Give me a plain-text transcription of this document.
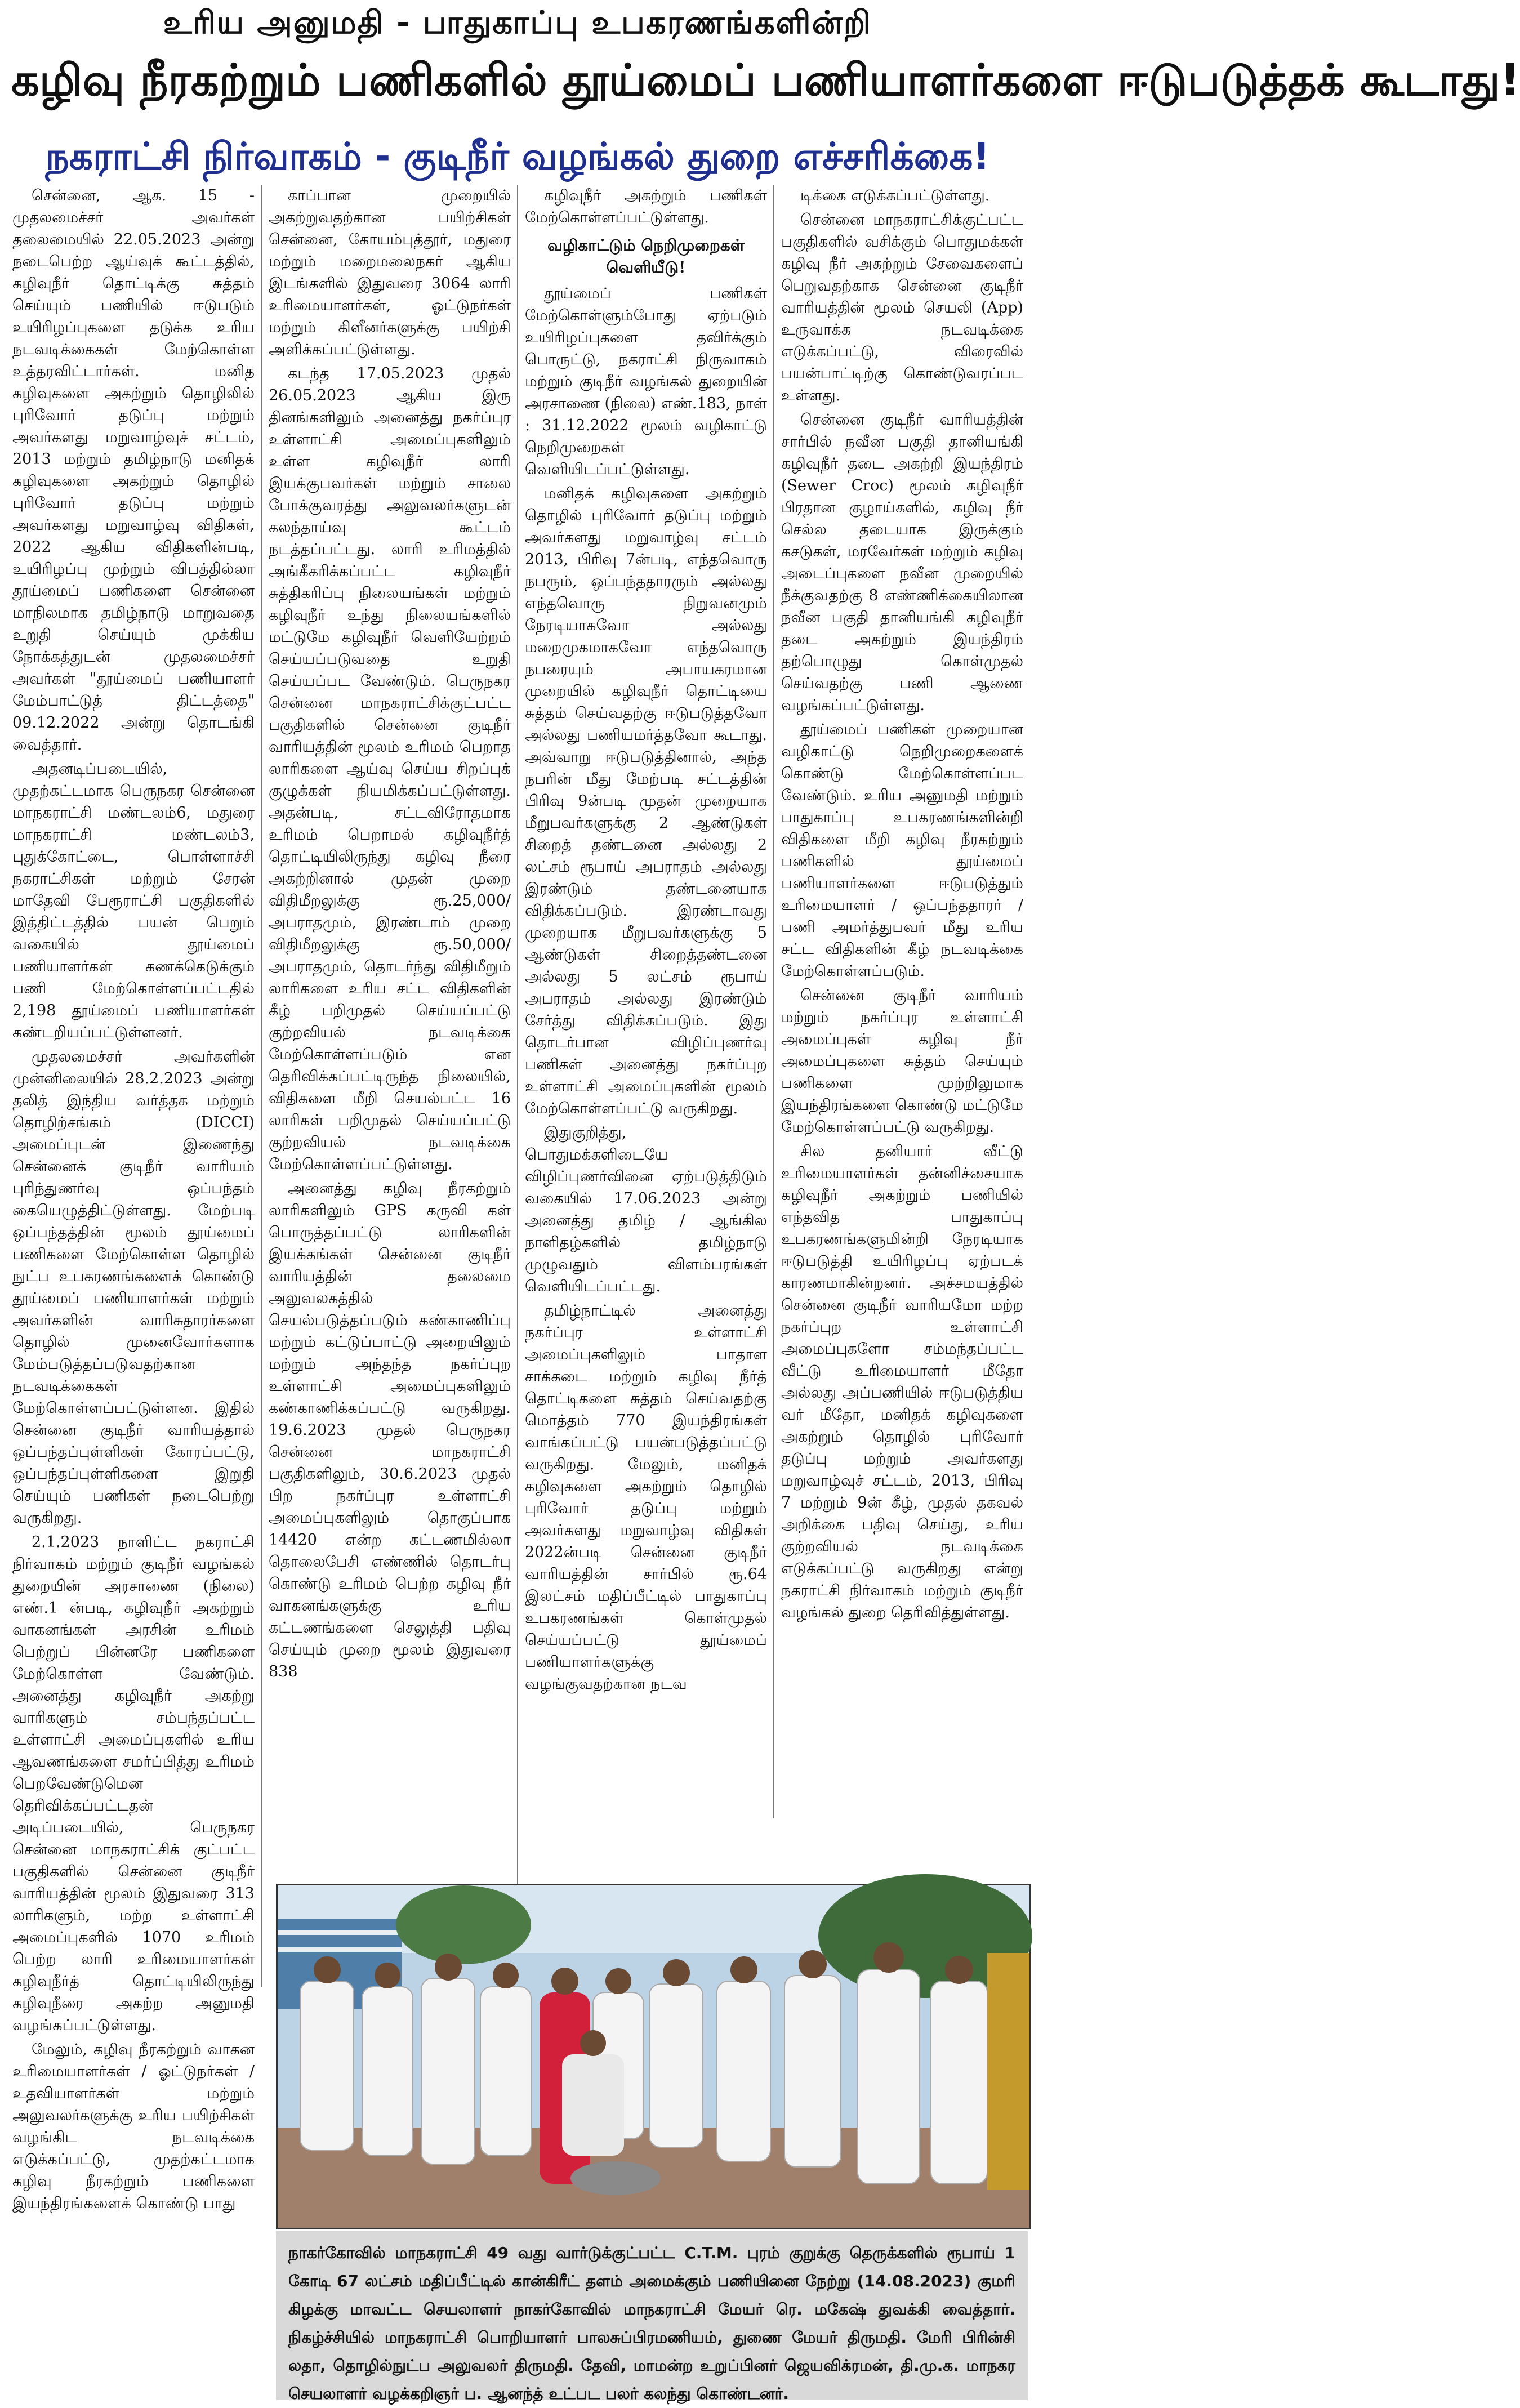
உரிய அனுமதி - பாதுகாப்பு உபகரணங்களின்றி
கழிவு நீரகற்றும் பணிகளில் தூய்மைப் பணியாளர்களை ஈடுபடுத்தக் கூடாது!
நகராட்சி நிர்வாகம் - குடிநீர் வழங்கல் துறை எச்சரிக்கை!

சென்னை, ஆக. 15 - முதலமைச்சர் அவர்கள் தலைமையில் 22.05.2023 அன்று நடைபெற்ற ஆய்வுக் கூட்டத்தில், கழிவுநீர் தொட்டிக்கு சுத்தம் செய்யும் பணியில் ஈடுபடும் உயிரிழப்புகளை தடுக்க உரிய நடவடிக்கைகள் மேற்கொள்ள உத்தரவிட்டார்கள். மனித கழிவுகளை அகற்றும் தொழிலில் புரிவோர் தடுப்பு மற்றும் அவர்களது மறுவாழ்வுச் சட்டம், 2013 மற்றும் தமிழ்நாடு மனிதக் கழிவுகளை அகற்றும் தொழில் புரிவோர் தடுப்பு மற்றும் அவர்களது மறுவாழ்வு விதிகள், 2022 ஆகிய விதிகளின்படி, உயிரிழப்பு முற்றும் விபத்தில்லா தூய்மைப் பணிகளை சென்னை மாநிலமாக தமிழ்நாடு மாறுவதை உறுதி செய்யும் முக்கிய நோக்கத்துடன் முதலமைச்சர் அவர்கள் "தூய்மைப் பணியாளர் மேம்பாட்டுத் திட்டத்தை" 09.12.2022 அன்று தொடங்கி வைத்தார்.

அதனடிப்படையில், முதற்கட்டமாக பெருநகர சென்னை மாநகராட்சி மண்டலம்6, மதுரை மாநகராட்சி மண்டலம்3, புதுக்கோட்டை, பொள்ளாச்சி நகராட்சிகள் மற்றும் சேரன் மாதேவி பேரூராட்சி பகுதிகளில் இத்திட்டத்தில் பயன் பெறும் வகையில் தூய்மைப் பணியாளர்கள் கணக்கெடுக்கும் பணி மேற்கொள்ளப்பட்டதில் 2,198 தூய்மைப் பணியாளர்கள் கண்டறியப்பட்டுள்ளனர்.

முதலமைச்சர் அவர்களின் முன்னிலையில் 28.2.2023 அன்று தலித் இந்திய வர்த்தக மற்றும் தொழிற்சங்கம் (DICCI) அமைப்புடன் இணைந்து சென்னைக் குடிநீர் வாரியம் புரிந்துணர்வு ஒப்பந்தம் கையெழுத்திட்டுள்ளது. மேற்படி ஒப்பந்தத்தின் மூலம் தூய்மைப் பணிகளை மேற்கொள்ள தொழில் நுட்ப உபகரணங்களைக் கொண்டு தூய்மைப் பணியாளர்கள் மற்றும் அவர்களின் வாரிசுதாரர்களை தொழில் முனைவோர்களாக மேம்படுத்தப்படுவதற்கான நடவடிக்கைகள் மேற்கொள்ளப்பட்டுள்ளன. இதில் சென்னை குடிநீர் வாரியத்தால் ஒப்பந்தப்புள்ளிகள் கோரப்பட்டு, ஒப்பந்தப்புள்ளிகளை இறுதி செய்யும் பணிகள் நடைபெற்று வருகிறது.

2.1.2023 நாளிட்ட நகராட்சி நிர்வாகம் மற்றும் குடிநீர் வழங்கல் துறையின் அரசாணை (நிலை) எண்.1 ன்படி, கழிவுநீர் அகற்றும் வாகனங்கள் அரசின் உரிமம் பெற்றுப் பின்னரே பணிகளை மேற்கொள்ள வேண்டும். அனைத்து கழிவுநீர் அகற்று வாரிகளும் சம்பந்தப்பட்ட உள்ளாட்சி அமைப்புகளில் உரிய ஆவணங்களை சமர்ப்பித்து உரிமம் பெறவேண்டுமென தெரிவிக்கப்பட்டதன் அடிப்படையில், பெருநகர சென்னை மாநகராட்சிக் குட்பட்ட பகுதிகளில் சென்னை குடிநீர் வாரியத்தின் மூலம் இதுவரை 313 லாரிகளும், மற்ற உள்ளாட்சி அமைப்புகளில் 1070 உரிமம் பெற்ற லாரி உரிமையாளர்கள் கழிவுநீர்த் தொட்டியிலிருந்து கழிவுநீரை அகற்ற அனுமதி வழங்கப்பட்டுள்ளது.

மேலும், கழிவு நீரகற்றும் வாகன உரிமையாளர்கள் / ஓட்டுநர்கள் / உதவியாளர்கள் மற்றும் அலுவலர்களுக்கு உரிய பயிற்சிகள் வழங்கிட நடவடிக்கை எடுக்கப்பட்டு, முதற்கட்டமாக கழிவு நீரகற்றும் பணிகளை இயந்திரங்களைக் கொண்டு பாது

காப்பான முறையில் அகற்றுவதற்கான பயிற்சிகள் சென்னை, கோயம்புத்தூர், மதுரை மற்றும் மறைமலைநகர் ஆகிய இடங்களில் இதுவரை 3064 லாரி உரிமையாளர்கள், ஓட்டுநர்கள் மற்றும் கிளீனர்களுக்கு பயிற்சி அளிக்கப்பட்டுள்ளது.

கடந்த 17.05.2023 முதல் 26.05.2023 ஆகிய இரு தினங்களிலும் அனைத்து நகர்ப்புர உள்ளாட்சி அமைப்புகளிலும் உள்ள கழிவுநீர் லாரி இயக்குபவர்கள் மற்றும் சாலை போக்குவரத்து அலுவலர்களுடன் கலந்தாய்வு கூட்டம் நடத்தப்பட்டது. லாரி உரிமத்தில் அங்கீகரிக்கப்பட்ட கழிவுநீர் சுத்திகரிப்பு நிலையங்கள் மற்றும் கழிவுநீர் உந்து நிலையங்களில் மட்டுமே கழிவுநீர் வெளியேற்றம் செய்யப்படுவதை உறுதி செய்யப்பட வேண்டும். பெருநகர சென்னை மாநகராட்சிக்குட்பட்ட பகுதிகளில் சென்னை குடிநீர் வாரியத்தின் மூலம் உரிமம் பெறாத லாரிகளை ஆய்வு செய்ய சிறப்புக் குழுக்கள் நியமிக்கப்பட்டுள்ளது. அதன்படி, சட்டவிரோதமாக உரிமம் பெறாமல் கழிவுநீர்த் தொட்டியிலிருந்து கழிவு நீரை அகற்றினால் முதன் முறை விதிமீறலுக்கு ரூ.25,000/ அபராதமும், இரண்டாம் முறை விதிமீறலுக்கு ரூ.50,000/ அபராதமும், தொடர்ந்து விதிமீறும் லாரிகளை உரிய சட்ட விதிகளின் கீழ் பறிமுதல் செய்யப்பட்டு குற்றவியல் நடவடிக்கை மேற்கொள்ளப்படும் என தெரிவிக்கப்பட்டிருந்த நிலையில், விதிகளை மீறி செயல்பட்ட 16 லாரிகள் பறிமுதல் செய்யப்பட்டு குற்றவியல் நடவடிக்கை மேற்கொள்ளப்பட்டுள்ளது.

அனைத்து கழிவு நீரகற்றும் லாரிகளிலும் GPS கருவி கள் பொருத்தப்பட்டு லாரிகளின் இயக்கங்கள் சென்னை குடிநீர் வாரியத்தின் தலைமை அலுவலகத்தில் செயல்படுத்தப்படும் கண்காணிப்பு மற்றும் கட்டுப்பாட்டு அறையிலும் மற்றும் அந்தந்த நகர்ப்புற உள்ளாட்சி அமைப்புகளிலும் கண்காணிக்கப்பட்டு வருகிறது. 19.6.2023 முதல் பெருநகர சென்னை மாநகராட்சி பகுதிகளிலும், 30.6.2023 முதல் பிற நகர்ப்புர உள்ளாட்சி அமைப்புகளிலும் தொகுப்பாக 14420 என்ற கட்டணமில்லா தொலைபேசி எண்ணில் தொடர்பு கொண்டு உரிமம் பெற்ற கழிவு நீர் வாகனங்களுக்கு உரிய கட்டணங்களை செலுத்தி பதிவு செய்யும் முறை மூலம் இதுவரை 838

கழிவுநீர் அகற்றும் பணிகள் மேற்கொள்ளப்பட்டுள்ளது.

வழிகாட்டும் நெறிமுறைகள் வெளியீடு!

தூய்மைப் பணிகள் மேற்கொள்ளும்போது ஏற்படும் உயிரிழப்புகளை தவிர்க்கும் பொருட்டு, நகராட்சி நிருவாகம் மற்றும் குடிநீர் வழங்கல் துறையின் அரசாணை (நிலை) எண்.183, நாள் : 31.12.2022 மூலம் வழிகாட்டு நெறிமுறைகள் வெளியிடப்பட்டுள்ளது.

மனிதக் கழிவுகளை அகற்றும் தொழில் புரிவோர் தடுப்பு மற்றும் அவர்களது மறுவாழ்வு சட்டம் 2013, பிரிவு 7ன்படி, எந்தவொரு நபரும், ஒப்பந்ததாரரும் அல்லது எந்தவொரு நிறுவனமும் நேரடியாகவோ அல்லது மறைமுகமாகவோ எந்தவொரு நபரையும் அபாயகரமான முறையில் கழிவுநீர் தொட்டியை சுத்தம் செய்வதற்கு ஈடுபடுத்தவோ அல்லது பணியமர்த்தவோ கூடாது. அவ்வாறு ஈடுபடுத்தினால், அந்த நபரின் மீது மேற்படி சட்டத்தின் பிரிவு 9ன்படி முதன் முறையாக மீறுபவர்களுக்கு 2 ஆண்டுகள் சிறைத் தண்டனை அல்லது 2 லட்சம் ரூபாய் அபராதம் அல்லது இரண்டும் தண்டனையாக விதிக்கப்படும். இரண்டாவது முறையாக மீறுபவர்களுக்கு 5 ஆண்டுகள் சிறைத்தண்டனை அல்லது 5 லட்சம் ரூபாய் அபராதம் அல்லது இரண்டும் சேர்த்து விதிக்கப்படும். இது தொடர்பான விழிப்புணர்வு பணிகள் அனைத்து நகர்ப்புற உள்ளாட்சி அமைப்புகளின் மூலம் மேற்கொள்ளப்பட்டு வருகிறது.

இதுகுறித்து, பொதுமக்களிடையே விழிப்புணர்வினை ஏற்படுத்திடும் வகையில் 17.06.2023 அன்று அனைத்து தமிழ் / ஆங்கில நாளிதழ்களில் தமிழ்நாடு முழுவதும் விளம்பரங்கள் வெளியிடப்பட்டது.

தமிழ்நாட்டில் அனைத்து நகர்ப்புர உள்ளாட்சி அமைப்புகளிலும் பாதாள சாக்கடை மற்றும் கழிவு நீர்த் தொட்டிகளை சுத்தம் செய்வதற்கு மொத்தம் 770 இயந்திரங்கள் வாங்கப்பட்டு பயன்படுத்தப்பட்டு வருகிறது. மேலும், மனிதக் கழிவுகளை அகற்றும் தொழில் புரிவோர் தடுப்பு மற்றும் அவர்களது மறுவாழ்வு விதிகள் 2022ன்படி சென்னை குடிநீர் வாரியத்தின் சார்பில் ரூ.64 இலட்சம் மதிப்பீட்டில் பாதுகாப்பு உபகரணங்கள் கொள்முதல் செய்யப்பட்டு தூய்மைப் பணியாளர்களுக்கு வழங்குவதற்கான நடவ

டிக்கை எடுக்கப்பட்டுள்ளது.

சென்னை மாநகராட்சிக்குட்பட்ட பகுதிகளில் வசிக்கும் பொதுமக்கள் கழிவு நீர் அகற்றும் சேவைகளைப் பெறுவதற்காக சென்னை குடிநீர் வாரியத்தின் மூலம் செயலி (App) உருவாக்க நடவடிக்கை எடுக்கப்பட்டு, விரைவில் பயன்பாட்டிற்கு கொண்டுவரப்பட உள்ளது.

சென்னை குடிநீர் வாரியத்தின் சார்பில் நவீன பகுதி தானியங்கி கழிவுநீர் தடை அகற்றி இயந்திரம் (Sewer Croc) மூலம் கழிவுநீர் பிரதான குழாய்களில், கழிவு நீர் செல்ல தடையாக இருக்கும் கசடுகள், மரவேர்கள் மற்றும் கழிவு அடைப்புகளை நவீன முறையில் நீக்குவதற்கு 8 எண்ணிக்கையிலான நவீன பகுதி தானியங்கி கழிவுநீர் தடை அகற்றும் இயந்திரம் தற்பொழுது கொள்முதல் செய்வதற்கு பணி ஆணை வழங்கப்பட்டுள்ளது.

தூய்மைப் பணிகள் முறையான வழிகாட்டு நெறிமுறைகளைக் கொண்டு மேற்கொள்ளப்பட வேண்டும். உரிய அனுமதி மற்றும் பாதுகாப்பு உபகரணங்களின்றி விதிகளை மீறி கழிவு நீரகற்றும் பணிகளில் தூய்மைப் பணியாளர்களை ஈடுபடுத்தும் உரிமையாளர் / ஒப்பந்ததாரர் / பணி அமர்த்துபவர் மீது உரிய சட்ட விதிகளின் கீழ் நடவடிக்கை மேற்கொள்ளப்படும்.

சென்னை குடிநீர் வாரியம் மற்றும் நகர்ப்புர உள்ளாட்சி அமைப்புகள் கழிவு நீர் அமைப்புகளை சுத்தம் செய்யும் பணிகளை முற்றிலுமாக இயந்திரங்களை கொண்டு மட்டுமே மேற்கொள்ளப்பட்டு வருகிறது.

சில தனியார் வீட்டு உரிமையாளர்கள் தன்னிச்சையாக கழிவுநீர் அகற்றும் பணியில் எந்தவித பாதுகாப்பு உபகரணங்களுமின்றி நேரடியாக ஈடுபடுத்தி உயிரிழப்பு ஏற்படக் காரணமாகின்றனர். அச்சமயத்தில் சென்னை குடிநீர் வாரியமோ மற்ற நகர்ப்புற உள்ளாட்சி அமைப்புகளோ சம்மந்தப்பட்ட வீட்டு உரிமையாளர் மீதோ அல்லது அப்பணியில் ஈடுபடுத்திய வர் மீதோ, மனிதக் கழிவுகளை அகற்றும் தொழில் புரிவோர் தடுப்பு மற்றும் அவர்களது மறுவாழ்வுச் சட்டம், 2013, பிரிவு 7 மற்றும் 9ன் கீழ், முதல் தகவல் அறிக்கை பதிவு செய்து, உரிய குற்றவியல் நடவடிக்கை எடுக்கப்பட்டு வருகிறது என்று நகராட்சி நிர்வாகம் மற்றும் குடிநீர் வழங்கல் துறை தெரிவித்துள்ளது.

நாகர்கோவில் மாநகராட்சி 49 வது வார்டுக்குட்பட்ட C.T.M. புரம் குறுக்கு தெருக்களில் ரூபாய் 1 கோடி 67 லட்சம் மதிப்பீட்டில் கான்கிரீட் தளம் அமைக்கும் பணியினை நேற்று (14.08.2023) குமரி கிழக்கு மாவட்ட செயலாளர் நாகர்கோவில் மாநகராட்சி மேயர் ரெ. மகேஷ் துவக்கி வைத்தார். நிகழ்ச்சியில் மாநகராட்சி பொறியாளர் பாலசுப்பிரமணியம், துணை மேயர் திருமதி. மேரி பிரின்சி லதா, தொழில்நுட்ப அலுவலர் திருமதி. தேவி, மாமன்ற உறுப்பினர் ஜெயவிக்ரமன், தி.மு.க. மாநகர செயலாளர் வழக்கறிஞர் ப. ஆனந்த் உட்பட பலர் கலந்து கொண்டனர்.
